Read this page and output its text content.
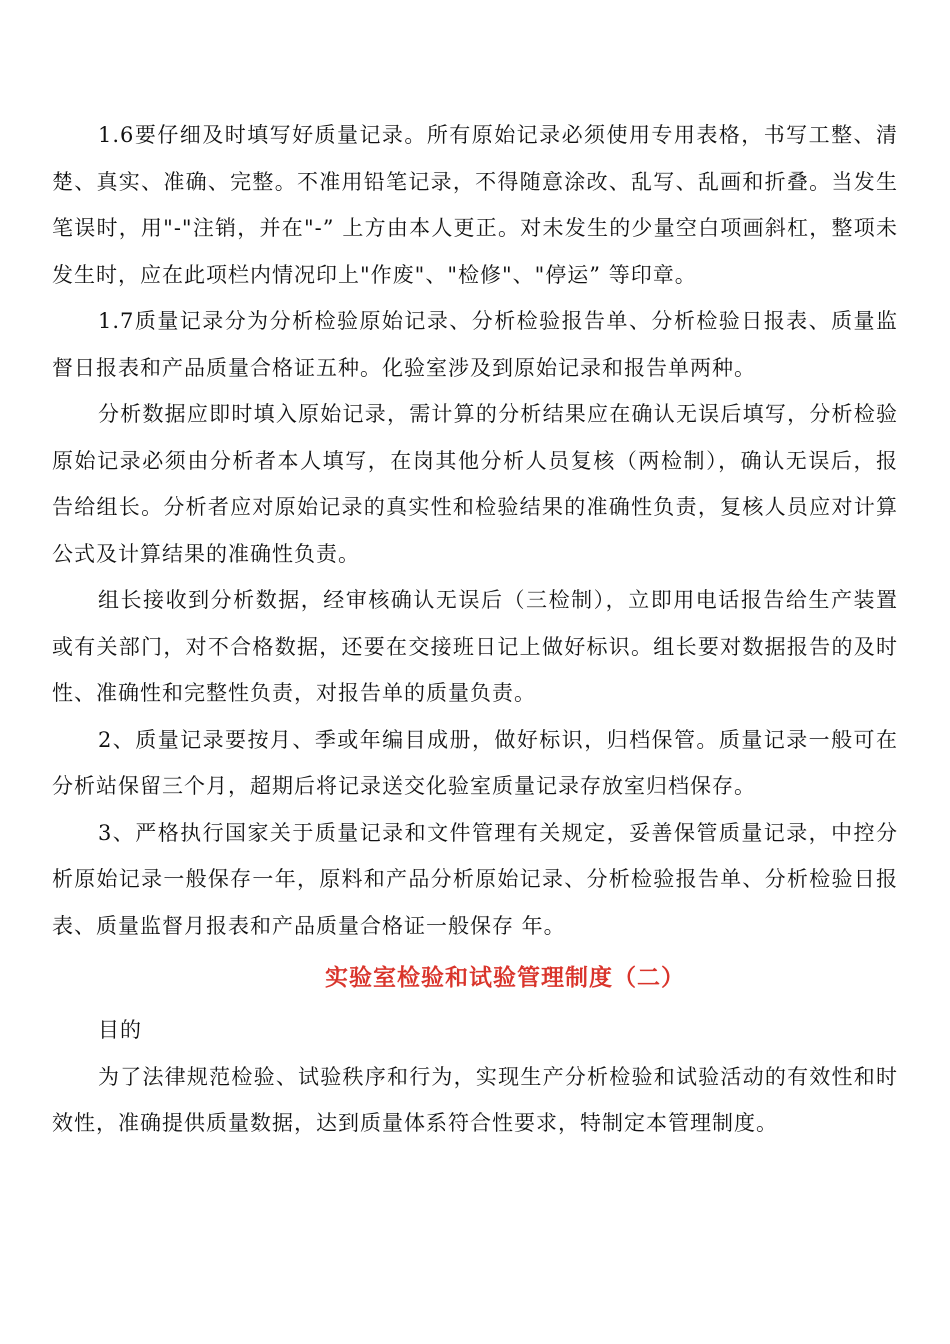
1.6要仔细及时填写好质量记录。所有原始记录必须使用专用表格，书写工整、清楚、真实、准确、完整。不准用铅笔记录，不得随意涂改、乱写、乱画和折叠。当发生笔误时，用"-"注销，并在"-” 上方由本人更正。对未发生的少量空白项画斜杠，整项未发生时，应在此项栏内情况印上"作废"、"检修"、"停运” 等印章。

1.7质量记录分为分析检验原始记录、分析检验报告单、分析检验日报表、质量监督日报表和产品质量合格证五种。化验室涉及到原始记录和报告单两种。

分析数据应即时填入原始记录，需计算的分析结果应在确认无误后填写，分析检验原始记录必须由分析者本人填写，在岗其他分析人员复核（两检制），确认无误后，报告给组长。分析者应对原始记录的真实性和检验结果的准确性负责，复核人员应对计算公式及计算结果的准确性负责。

组长接收到分析数据，经审核确认无误后（三检制），立即用电话报告给生产装置或有关部门，对不合格数据，还要在交接班日记上做好标识。组长要对数据报告的及时性、准确性和完整性负责，对报告单的质量负责。

2、质量记录要按月、季或年编目成册，做好标识，归档保管。质量记录一般可在分析站保留三个月，超期后将记录送交化验室质量记录存放室归档保存。

3、严格执行国家关于质量记录和文件管理有关规定，妥善保管质量记录，中控分析原始记录一般保存一年，原料和产品分析原始记录、分析检验报告单、分析检验日报表、质量监督月报表和产品质量合格证一般保存 年。

实验室检验和试验管理制度（二）

目的

为了法律规范检验、试验秩序和行为，实现生产分析检验和试验活动的有效性和时效性，准确提供质量数据，达到质量体系符合性要求，特制定本管理制度。
